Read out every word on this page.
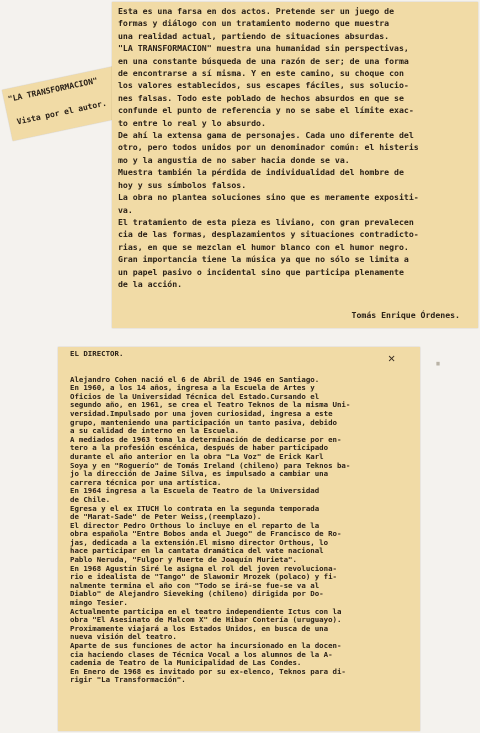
"LA TRANSFORMACION"
Vista por el autor.
Esta es una farsa en dos actos. Pretende ser un juego de
formas y diálogo con un tratamiento moderno que muestra
una realidad actual, partiendo de situaciones absurdas.
"LA TRANSFORMACION" muestra una humanidad sin perspectivas,
en una constante búsqueda de una razón de ser; de una forma
de encontrarse a sí misma. Y en este camino, su choque con
los valores establecidos, sus escapes fáciles, sus solucio-
nes falsas. Todo este poblado de hechos absurdos en que se
confunde el punto de referencia y no se sabe el límite exac-
to entre lo real y lo absurdo.
De ahí la extensa gama de personajes. Cada uno diferente del
otro, pero todos unidos por un denominador común: el histeris
mo y la angustia de no saber hacia donde se va.
Muestra también la pérdida de individualidad del hombre de
hoy y sus símbolos falsos.
La obra no plantea soluciones sino que es meramente expositi-
va.
El tratamiento de esta pieza es liviano, con gran prevalecen
cia de las formas, desplazamientos y situaciones contradicto-
rias, en que se mezclan el humor blanco con el humor negro.
Gran importancia tiene la música ya que no sólo se limita a
un papel pasivo o incidental sino que participa plenamente
de la acción.
Tomás Enrique Órdenes.
EL DIRECTOR.
Alejandro Cohen nació el 6 de Abril de 1946 en Santiago.
En 1960, a los 14 años, ingresa a la Escuela de Artes y
Oficios de la Universidad Técnica del Estado.Cursando el
segundo año, en 1961, se crea el Teatro Teknos de la misma Uni-
versidad.Impulsado por una joven curiosidad, ingresa a este
grupo, manteniendo una participación un tanto pasiva, debido
a su calidad de interno en la Escuela.
A mediados de 1963 toma la determinación de dedicarse por en-
tero a la profesión escénica, después de haber participado
durante el año anterior en la obra "La Voz" de Erick Karl
Soya y en "Roguerío" de Tomás Ireland (chileno) para Teknos ba-
jo la dirección de Jaime Silva, es impulsado a cambiar una
carrera técnica por una artística.
En 1964 ingresa a la Escuela de Teatro de la Universidad
de Chile.
Egresa y el ex ITUCH lo contrata en la segunda temporada
de "Marat-Sade" de Peter Weiss,(reemplazo).
El director Pedro Orthous lo incluye en el reparto de la
obra española "Entre Bobos anda el Juego" de Francisco de Ro-
jas, dedicada a la extensión.El mismo director Orthous, lo
hace participar en la cantata dramática del vate nacional
Pablo Neruda, "Fulgor y Muerte de Joaquín Murieta".
En 1968 Agustín Siré le asigna el rol del joven revoluciona-
rio e idealista de "Tango" de Slawomir Mrozek (polaco) y fi-
nalmente termina el año con "Todo se irá-se fue-se va al
Diablo" de Alejandro Sieveking (chileno) dirigida por Do-
mingo Tesier.
Actualmente participa en el teatro independiente Ictus con la
obra "El Asesinato de Malcom X" de Hibar Contería (uruguayo).
Proximamente viajará a los Estados Unidos, en busca de una
nueva visión del teatro.
Aparte de sus funciones de actor ha incursionado en la docen-
cia haciendo clases de Técnica Vocal a los alumnos de la A-
cademia de Teatro de la Municipalidad de Las Condes.
En Enero de 1968 es invitado por su ex-elenco, Teknos para di-
rigir "La Transformación".
✕ ·
